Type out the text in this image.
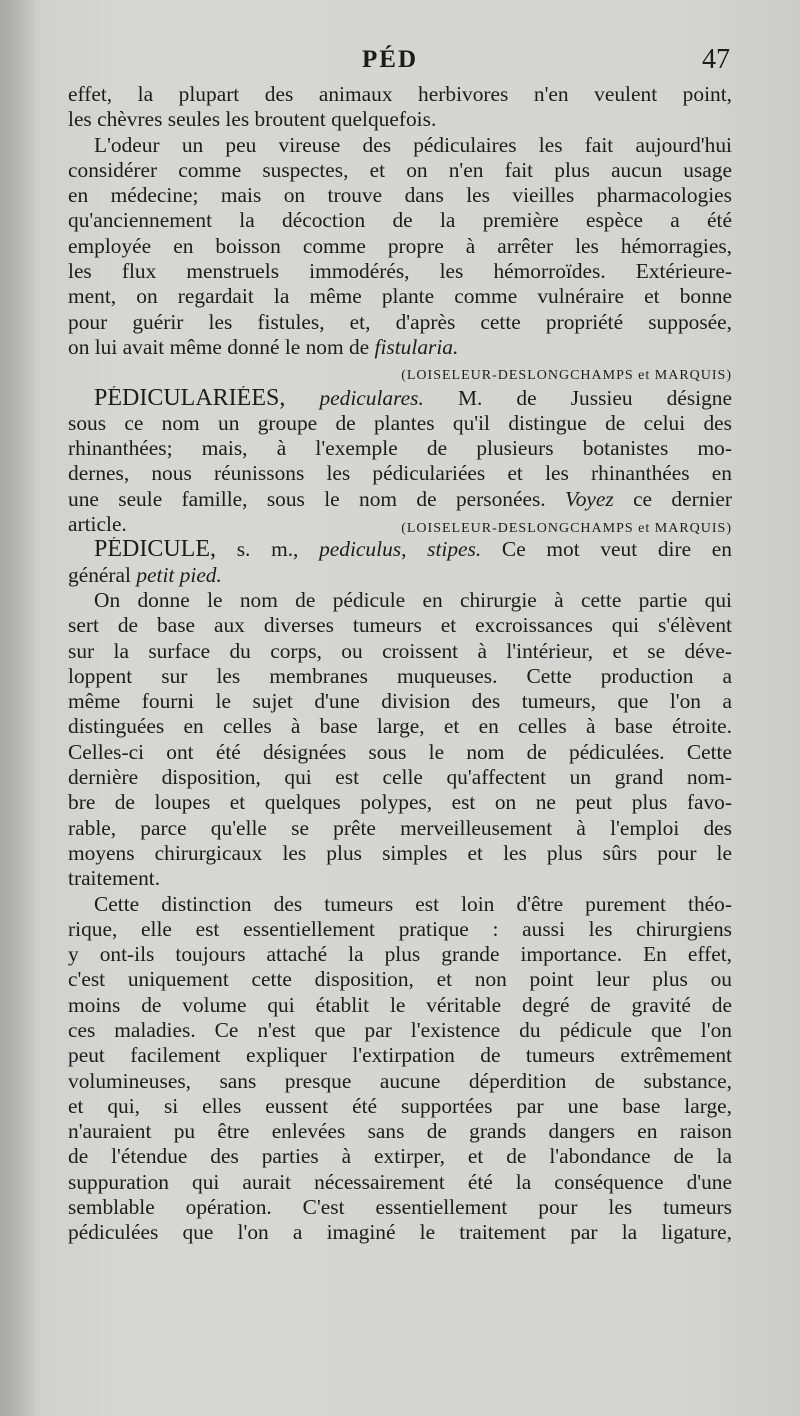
PÉD	47
effet, la plupart des animaux herbivores n'en veulent point,
les chèvres seules les broutent quelquefois.
L'odeur un peu vireuse des pédiculaires les fait aujourd'hui
considérer comme suspectes, et on n'en fait plus aucun usage
en médecine; mais on trouve dans les vieilles pharmacologies
qu'anciennement la décoction de la première espèce a été
employée en boisson comme propre à arrêter les hémorragies,
les flux menstruels immodérés, les hémorroïdes. Extérieure-
ment, on regardait la même plante comme vulnéraire et bonne
pour guérir les fistules, et, d'après cette propriété supposée,
on lui avait même donné le nom de fistularia.
(LOISELEUR-DESLONGCHAMPS et MARQUIS)
PÉDICULARIÉES, pediculares. M. de Jussieu désigne
sous ce nom un groupe de plantes qu'il distingue de celui des
rhinanthées; mais, à l'exemple de plusieurs botanistes mo-
dernes, nous réunissons les pédiculariées et les rhinanthées en
une seule famille, sous le nom de personées. Voyez ce dernier
article.	(LOISELEUR-DESLONGCHAMPS et MARQUIS)
PÉDICULE, s. m., pediculus, stipes. Ce mot veut dire en
général petit pied.
On donne le nom de pédicule en chirurgie à cette partie qui
sert de base aux diverses tumeurs et excroissances qui s'élèvent
sur la surface du corps, ou croissent à l'intérieur, et se déve-
loppent sur les membranes muqueuses. Cette production a
même fourni le sujet d'une division des tumeurs, que l'on a
distinguées en celles à base large, et en celles à base étroite.
Celles-ci ont été désignées sous le nom de pédiculées. Cette
dernière disposition, qui est celle qu'affectent un grand nom-
bre de loupes et quelques polypes, est on ne peut plus favo-
rable, parce qu'elle se prête merveilleusement à l'emploi des
moyens chirurgicaux les plus simples et les plus sûrs pour le
traitement.
Cette distinction des tumeurs est loin d'être purement théo-
rique, elle est essentiellement pratique : aussi les chirurgiens
y ont-ils toujours attaché la plus grande importance. En effet,
c'est uniquement cette disposition, et non point leur plus ou
moins de volume qui établit le véritable degré de gravité de
ces maladies. Ce n'est que par l'existence du pédicule que l'on
peut facilement expliquer l'extirpation de tumeurs extrêmement
volumineuses, sans presque aucune déperdition de substance,
et qui, si elles eussent été supportées par une base large,
n'auraient pu être enlevées sans de grands dangers en raison
de l'étendue des parties à extirper, et de l'abondance de la
suppuration qui aurait nécessairement été la conséquence d'une
semblable opération. C'est essentiellement pour les tumeurs
pédiculées que l'on a imaginé le traitement par la ligature,
